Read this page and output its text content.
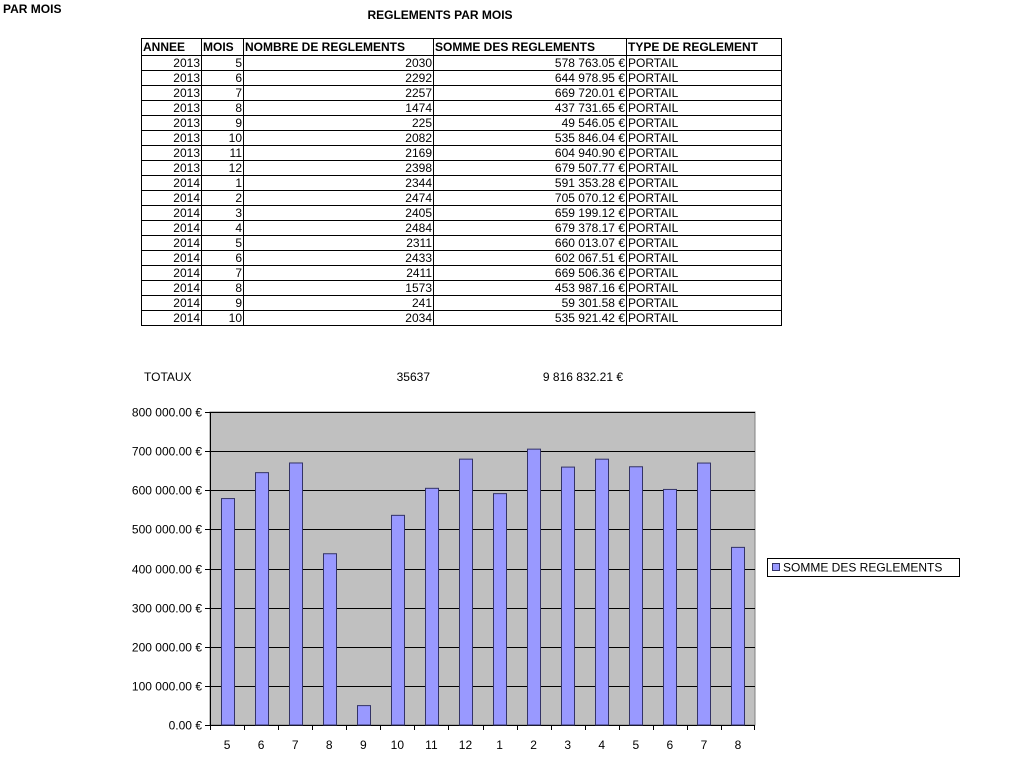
PAR MOIS	REGLEMENTS PAR MOIS
ANNEE	MOIS	NOMBRE DE REGLEMENTS	SOMME DES REGLEMENTS	TYPE DE REGLEMENT
2013	5	2030	578 763.05 €	PORTAIL
2013	6	2292	644 978.95 €	PORTAIL
2013	7	2257	669 720.01 €	PORTAIL
2013	8	1474	437 731.65 €	PORTAIL
2013	9	225	49 546.05 €	PORTAIL
2013	10	2082	535 846.04 €	PORTAIL
2013	11	2169	604 940.90 €	PORTAIL
2013	12	2398	679 507.77 €	PORTAIL
2014	1	2344	591 353.28 €	PORTAIL
2014	2	2474	705 070.12 €	PORTAIL
2014	3	2405	659 199.12 €	PORTAIL
2014	4	2484	679 378.17 €	PORTAIL
2014	5	2311	660 013.07 €	PORTAIL
2014	6	2433	602 067.51 €	PORTAIL
2014	7	2411	669 506.36 €	PORTAIL
2014	8	1573	453 987.16 €	PORTAIL
2014	9	241	59 301.58 €	PORTAIL
2014	10	2034	535 921.42 €	PORTAIL
TOTAUX	35637	9 816 832.21 €
0.00 €
100 000.00 €
200 000.00 €
300 000.00 €
400 000.00 €
500 000.00 €
600 000.00 €
700 000.00 €
800 000.00 €
5 6 7 8 9 10 11 12 1 2 3 4 5 6 7 8
SOMME DES REGLEMENTS
